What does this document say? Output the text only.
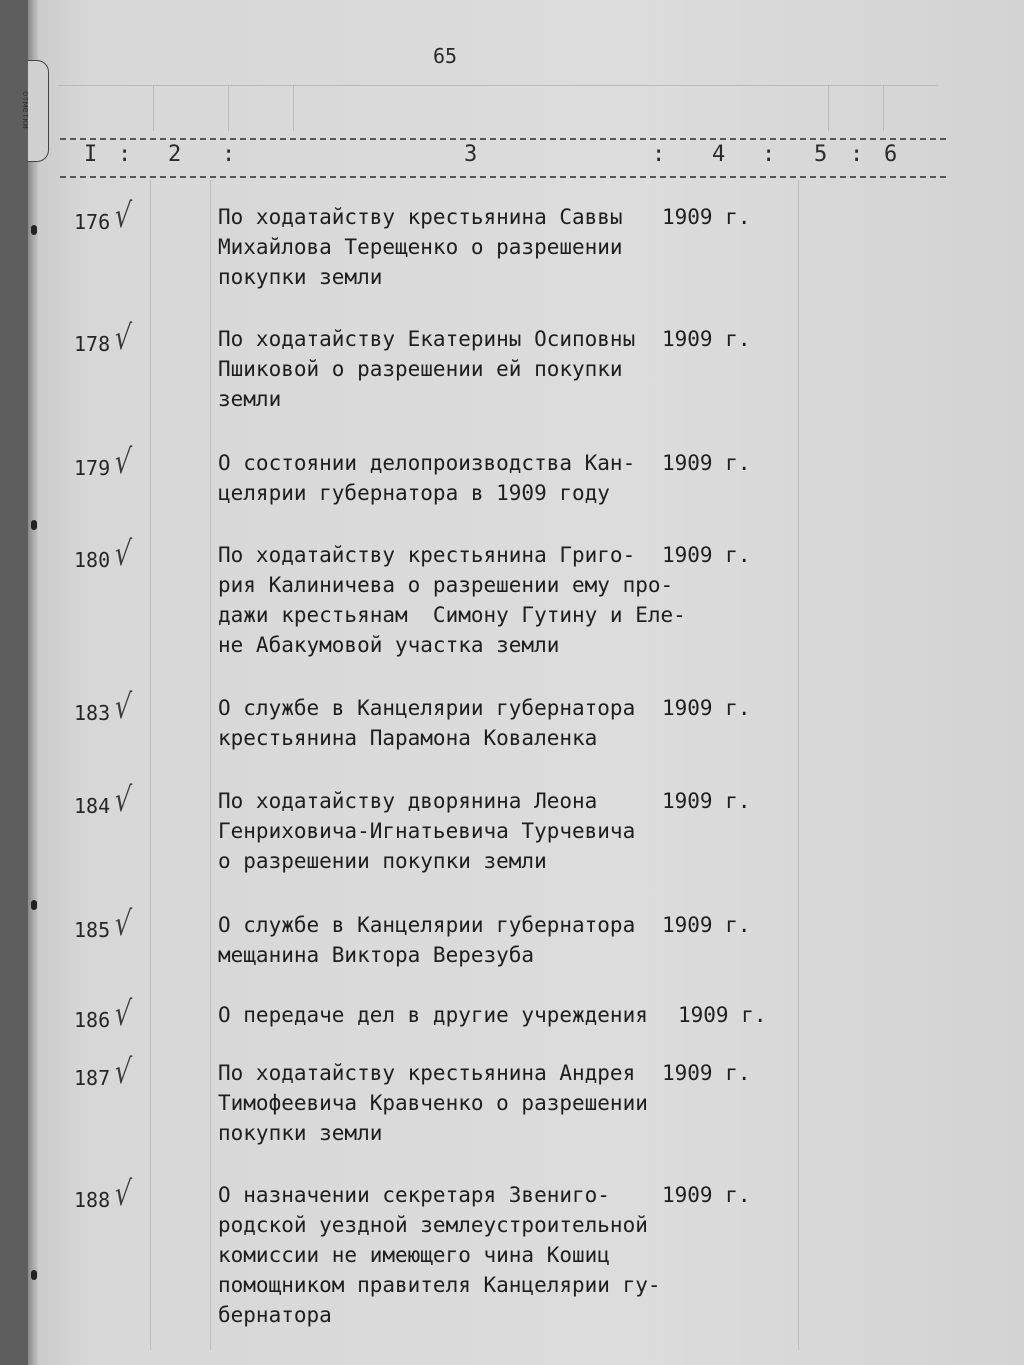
отметки
65
I : 2 :	3	: 4 : 5 : 6
176 √	По ходатайству крестьянина Саввы
Михайлова Терещенко о разрешении
покупки земли
1909 г.
178 √	По ходатайству Екатерины Осиповны
Пшиковой о разрешении ей покупки
земли
1909 г.
179 √	О состоянии делопроизводства Кан-
целярии губернатора в 1909 году
1909 г.
180 √	По ходатайству крестьянина Григо-
рия Калиничева о разрешении ему про-
дажи крестьянам  Симону Гутину и Еле-
не Абакумовой участка земли
1909 г.
183 √	О службе в Канцелярии губернатора
крестьянина Парамона Коваленка
1909 г.
184 √	По ходатайству дворянина Леона
Генриховича-Игнатьевича Турчевича
о разрешении покупки земли
1909 г.
185 √	О службе в Канцелярии губернатора
мещанина Виктора Верезуба
1909 г.
186 √	О передаче дел в другие учреждения	1909 г.
187 √	По ходатайству крестьянина Андрея
Тимофеевича Кравченко о разрешении
покупки земли
1909 г.
188 √	О назначении секретаря Звениго-
родской уездной землеустроительной
комиссии не имеющего чина Кошиц
помощником правителя Канцелярии гу-
бернатора
1909 г.
